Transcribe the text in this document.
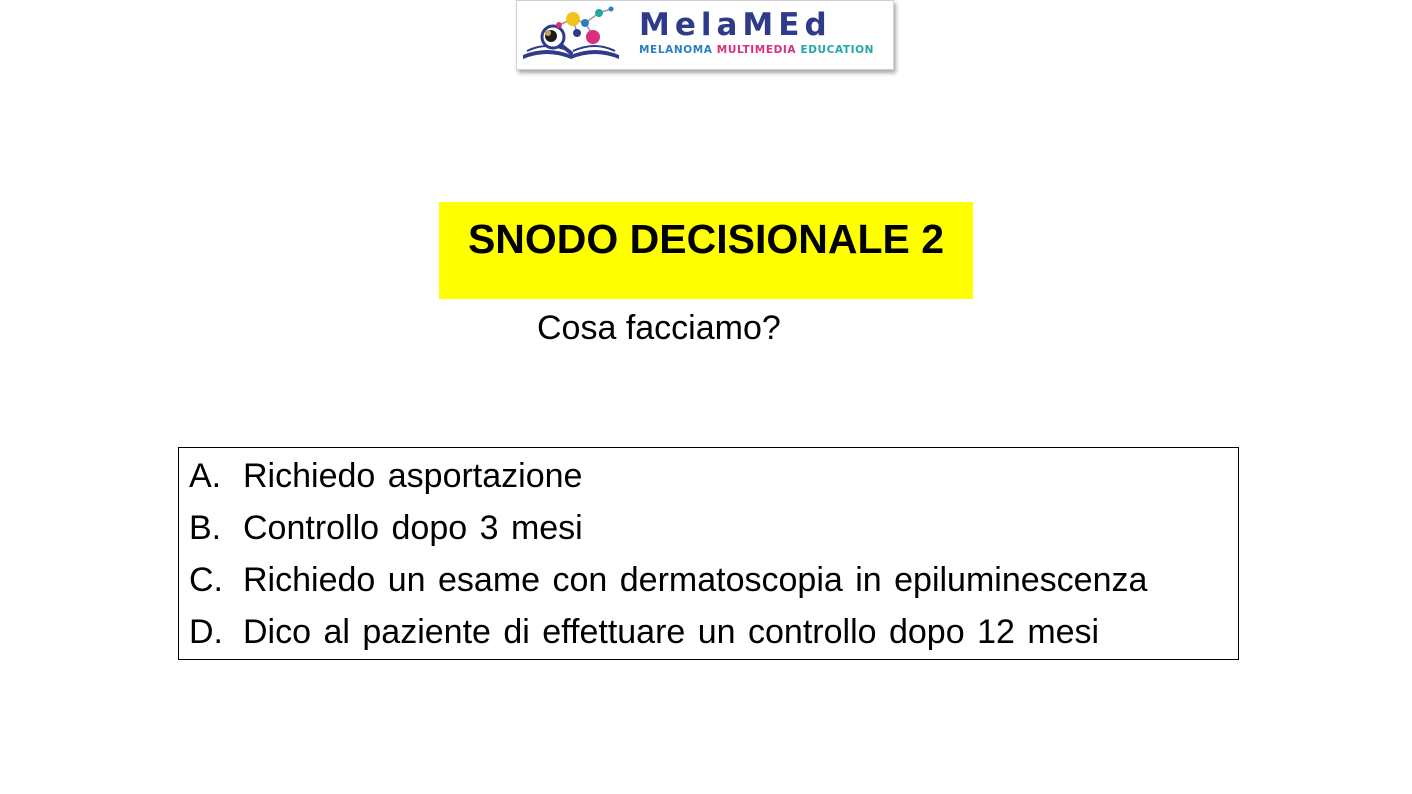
MelaMEd
MELANOMA MULTIMEDIA EDUCATION
SNODO DECISIONALE 2
Cosa facciamo?
A. Richiedo asportazione
B. Controllo dopo 3 mesi
C. Richiedo un esame con dermatoscopia in epiluminescenza
D. Dico al paziente di effettuare un controllo dopo 12 mesi
